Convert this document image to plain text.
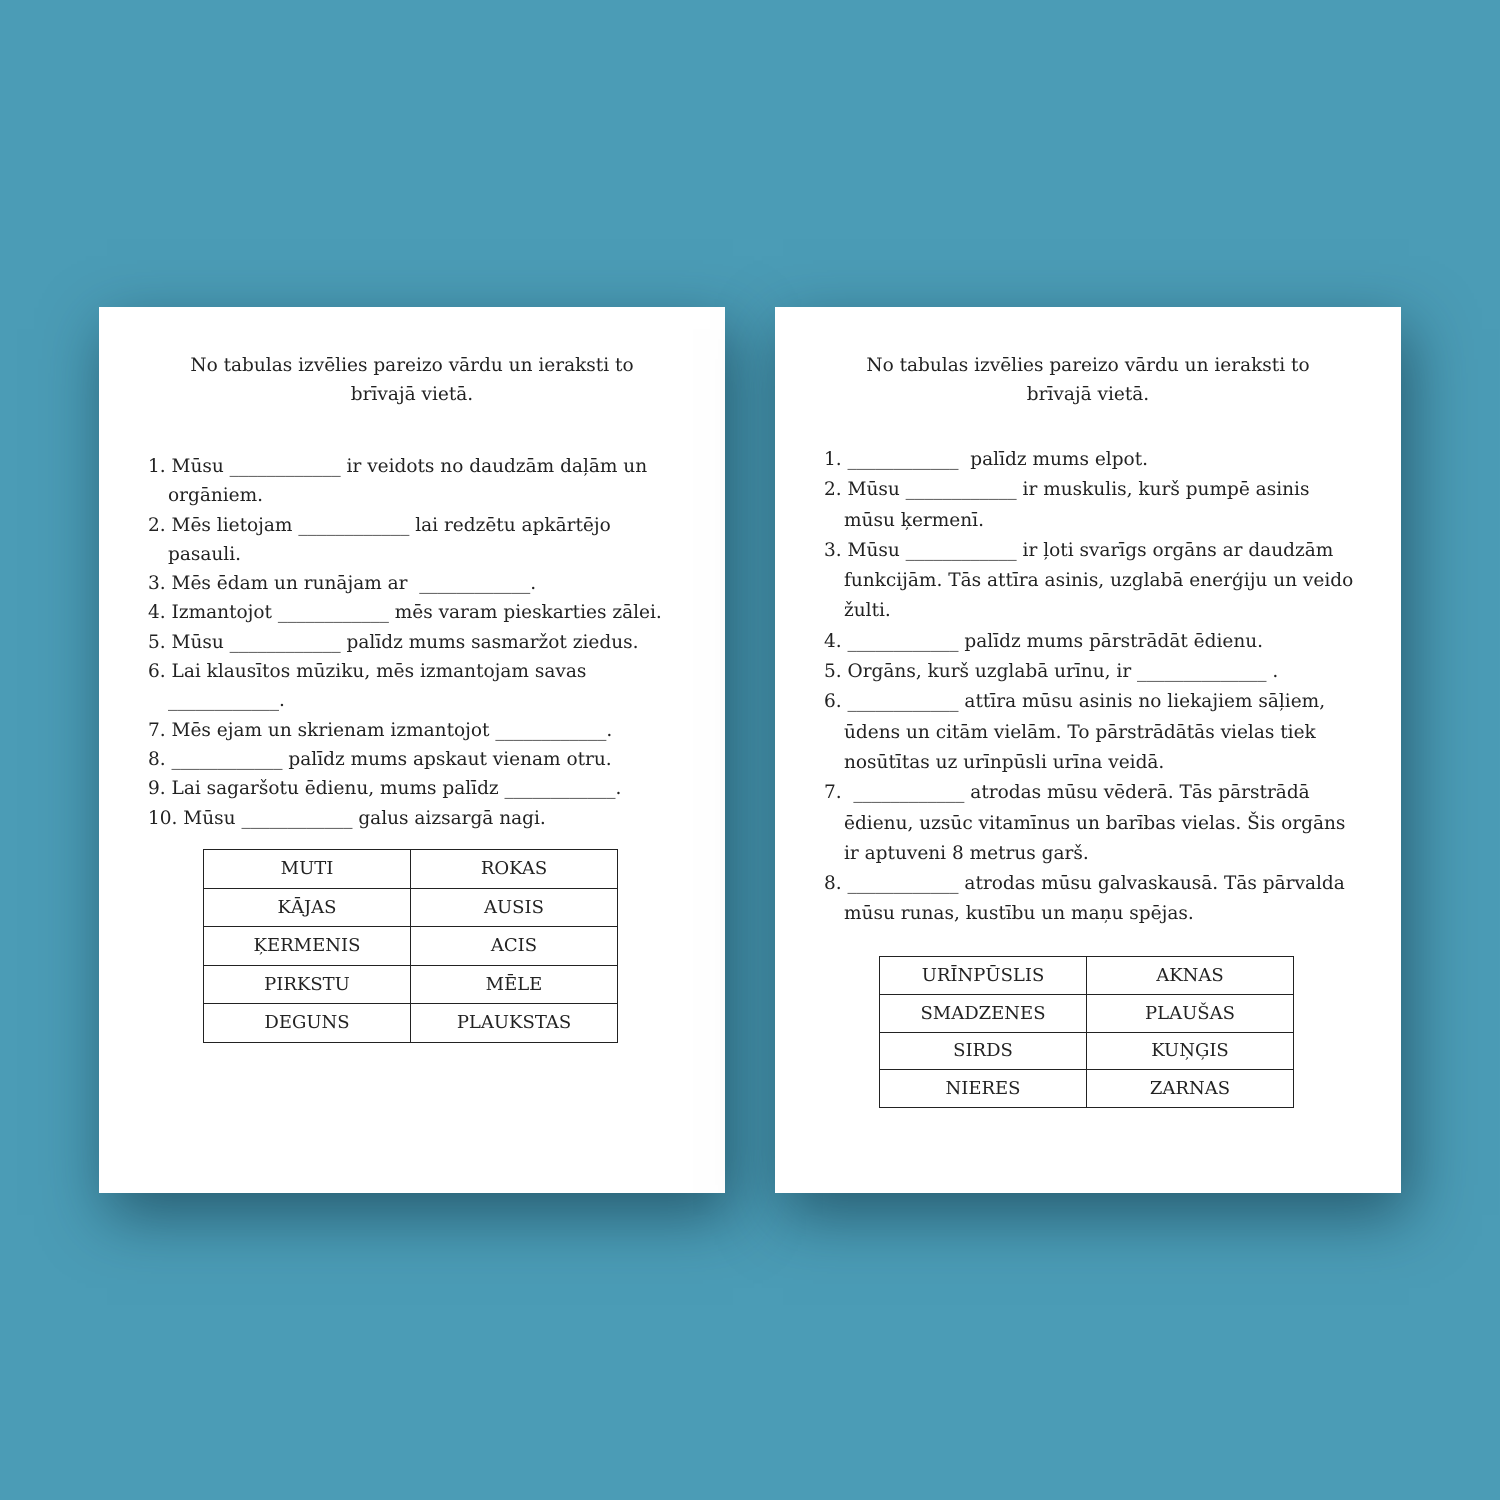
No tabulas izvēlies pareizo vārdu un ieraksti to brīvajā vietā.
1. Mūsu ____________ ir veidots no daudzām daļām un orgāniem.
2. Mēs lietojam ____________ lai redzētu apkārtējo pasauli.
3. Mēs ēdam un runājam ar  ____________.
4. Izmantojot ____________ mēs varam pieskarties zālei.
5. Mūsu ____________ palīdz mums sasmaržot ziedus.
6. Lai klausītos mūziku, mēs izmantojam savas ____________.
7. Mēs ejam un skrienam izmantojot ____________.
8. ____________ palīdz mums apskaut vienam otru.
9. Lai sagaršotu ēdienu, mums palīdz ____________.
10. Mūsu ____________ galus aizsargā nagi.
MUTI	ROKAS
KĀJAS	AUSIS
ĶERMENIS	ACIS
PIRKSTU	MĒLE
DEGUNS	PLAUKSTAS
No tabulas izvēlies pareizo vārdu un ieraksti to brīvajā vietā.
1. ____________  palīdz mums elpot.
2. Mūsu ____________ ir muskulis, kurš pumpē asinis mūsu ķermenī.
3. Mūsu ____________ ir ļoti svarīgs orgāns ar daudzām funkcijām. Tās attīra asinis, uzglabā enerģiju un veido žulti.
4. ____________ palīdz mums pārstrādāt ēdienu.
5. Orgāns, kurš uzglabā urīnu, ir ______________ .
6. ____________ attīra mūsu asinis no liekajiem sāļiem, ūdens un citām vielām. To pārstrādātās vielas tiek nosūtītas uz urīnpūsli urīna veidā.
7.  ____________ atrodas mūsu vēderā. Tās pārstrādā ēdienu, uzsūc vitamīnus un barības vielas. Šis orgāns ir aptuveni 8 metrus garš.
8. ____________ atrodas mūsu galvaskausā. Tās pārvalda mūsu runas, kustību un maņu spējas.
URĪNPŪSLIS	AKNAS
SMADZENES	PLAUŠAS
SIRDS	KUŅĢIS
NIERES	ZARNAS
